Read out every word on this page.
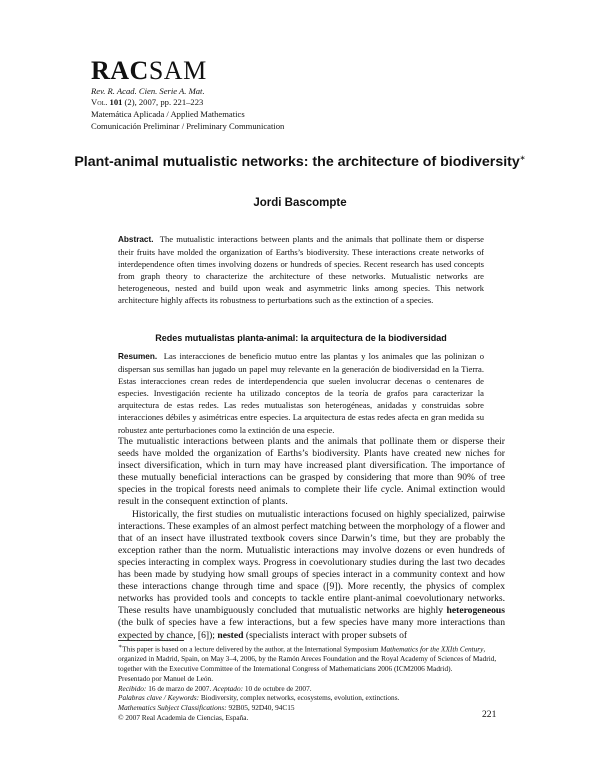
RACSAM
Rev. R. Acad. Cien. Serie A. Mat.
Vol. 101 (2), 2007, pp. 221–223
Matemática Aplicada / Applied Mathematics
Comunicación Preliminar / Preliminary Communication
Plant-animal mutualistic networks: the architecture of biodiversity∗
Jordi Bascompte
Abstract. The mutualistic interactions between plants and the animals that pollinate them or disperse their fruits have molded the organization of Earths’s biodiversity. These interactions create networks of interdependence often times involving dozens or hundreds of species. Recent research has used concepts from graph theory to characterize the architecture of these networks. Mutualistic networks are heterogeneous, nested and build upon weak and asymmetric links among species. This network architecture highly affects its robustness to perturbations such as the extinction of a species.
Redes mutualistas planta-animal: la arquitectura de la biodiversidad
Resumen. Las interacciones de beneficio mutuo entre las plantas y los animales que las polinizan o dispersan sus semillas han jugado un papel muy relevante en la generación de biodiversidad en la Tierra. Estas interacciones crean redes de interdependencia que suelen involucrar decenas o centenares de especies. Investigación reciente ha utilizado conceptos de la teoría de grafos para caracterizar la arquitectura de estas redes. Las redes mutualistas son heterogéneas, anidadas y construidas sobre interacciones débiles y asimétricas entre especies. La arquitectura de estas redes afecta en gran medida su robustez ante perturbaciones como la extinción de una especie.

The mutualistic interactions between plants and the animals that pollinate them or disperse their seeds have molded the organization of Earths’s biodiversity. Plants have created new niches for insect diversification, which in turn may have increased plant diversification. The importance of these mutually beneficial interactions can be grasped by considering that more than 90% of tree species in the tropical forests need animals to complete their life cycle. Animal extinction would result in the consequent extinction of plants.

Historically, the first studies on mutualistic interactions focused on highly specialized, pairwise interactions. These examples of an almost perfect matching between the morphology of a flower and that of an insect have illustrated textbook covers since Darwin’s time, but they are probably the exception rather than the norm. Mutualistic interactions may involve dozens or even hundreds of species interacting in complex ways. Progress in coevolutionary studies during the last two decades has been made by studying how small groups of species interact in a community context and how these interactions change through time and space ([9]). More recently, the physics of complex networks has provided tools and concepts to tackle entire plant-animal coevolutionary networks. These results have unambiguously concluded that mutualistic networks are highly heterogeneous (the bulk of species have a few interactions, but a few species have many more interactions than expected by chance, [6]); nested (specialists interact with proper subsets of

∗This paper is based on a lecture delivered by the author, at the International Symposium Mathematics for the XXIth Century, organized in Madrid, Spain, on May 3–4, 2006, by the Ramón Areces Foundation and the Royal Academy of Sciences of Madrid, together with the Executive Committee of the International Congress of Mathematicians 2006 (ICM2006 Madrid).

Presentado por Manuel de León.

Recibido: 16 de marzo de 2007. Aceptado: 10 de octubre de 2007.

Palabras clave / Keywords: Biodiversity, complex networks, ecosystems, evolution, extinctions.

Mathematics Subject Classifications: 92B05, 92D40, 94C15

© 2007 Real Academia de Ciencias, España.	221
